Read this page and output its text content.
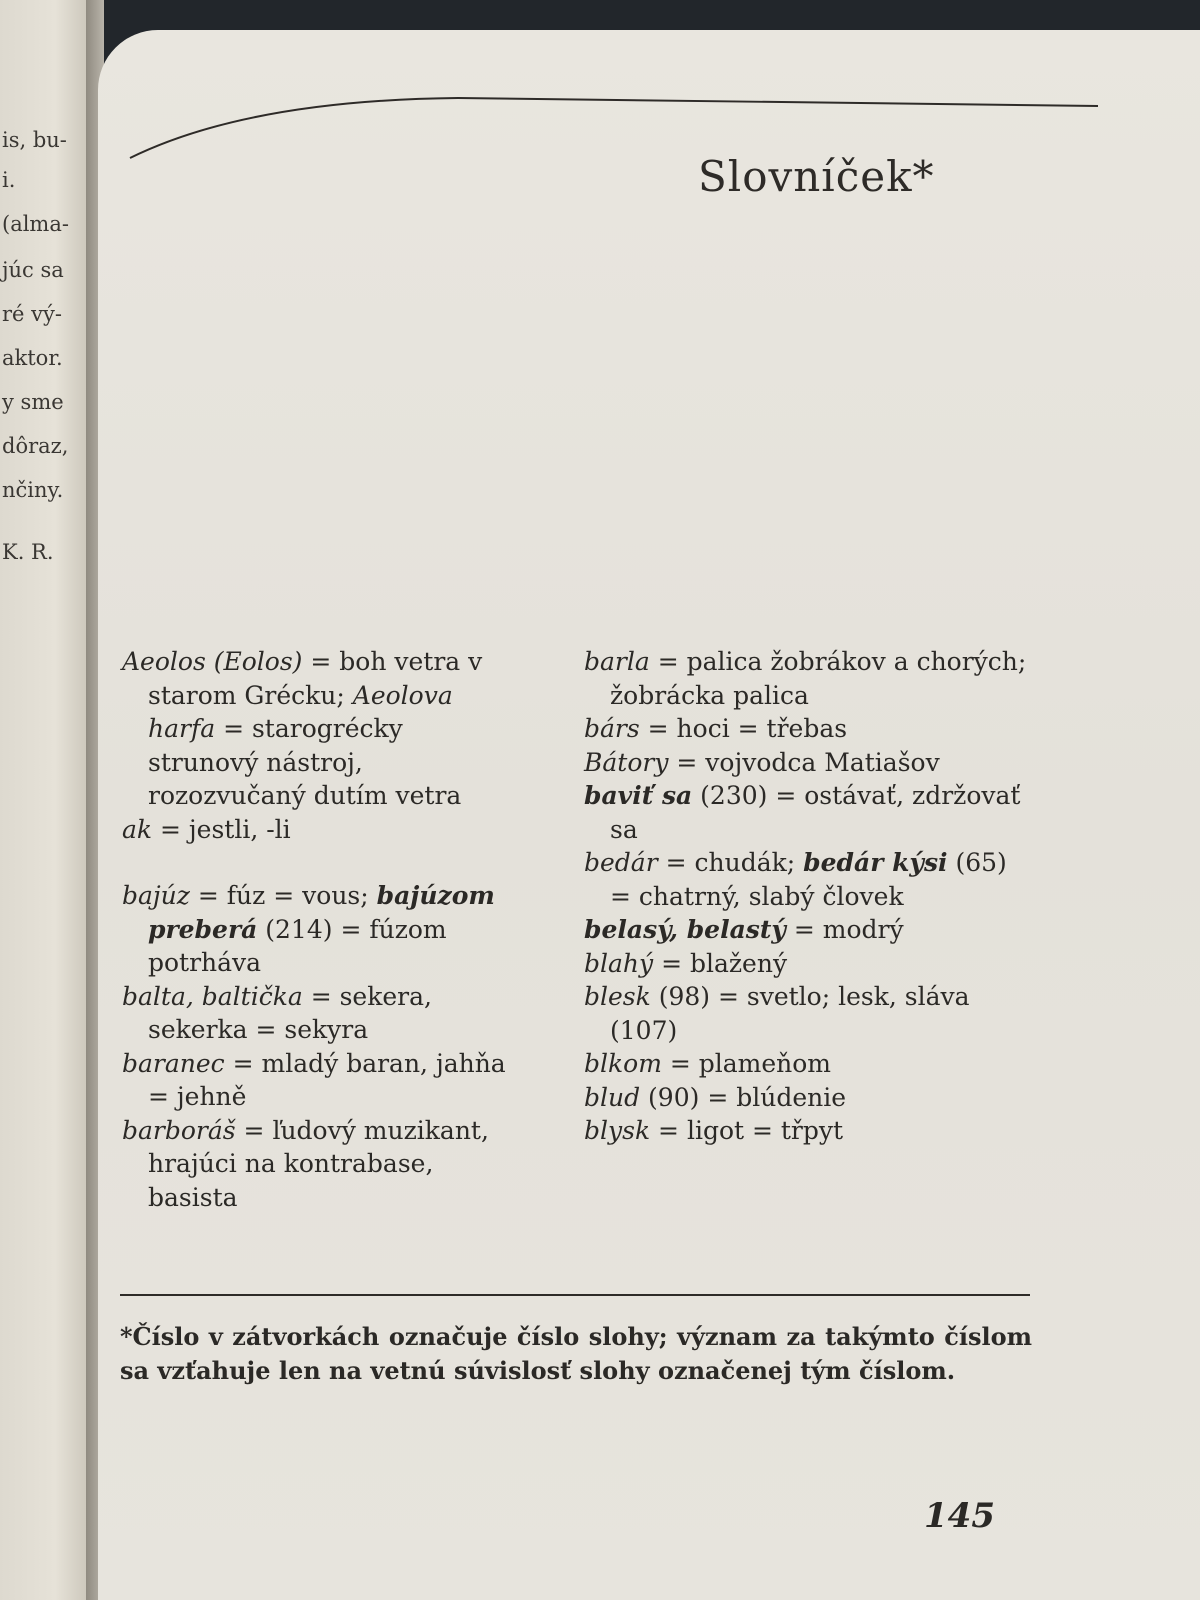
is, bu-
i.
(alma-
júc sa
ré vý-
aktor.
y sme
dôraz,
nčiny.
K. R.
Slovníček*
Aeolos (Eolos) = boh vetra v starom Grécku; Aeolova harfa = starogrécky strunový nástroj, rozozvučaný dutím vetra
ak = jestli, -li
bajúz = fúz = vous; bajúzom preberá (214) = fúzom potrháva
balta, baltička = sekera, sekerka = sekyra
baranec = mladý baran, jahňa = jehně
barboráš = ľudový muzikant, hrajúci na kontrabase, basista
barla = palica žobrákov a chorých; žobrácka palica
bárs = hoci = třebas
Bátory = vojvodca Matiašov
baviť sa (230) = ostávať, zdržovať sa
bedár = chudák; bedár kýsi (65) = chatrný, slabý človek
belasý, belastý = modrý
blahý = blažený
blesk (98) = svetlo; lesk, sláva (107)
blkom = plameňom
blud (90) = blúdenie
blysk = ligot = třpyt
*Číslo v zátvorkách označuje číslo slohy; význam za takýmto číslom sa vzťahuje len na vetnú súvislosť slohy označenej tým číslom.
145
